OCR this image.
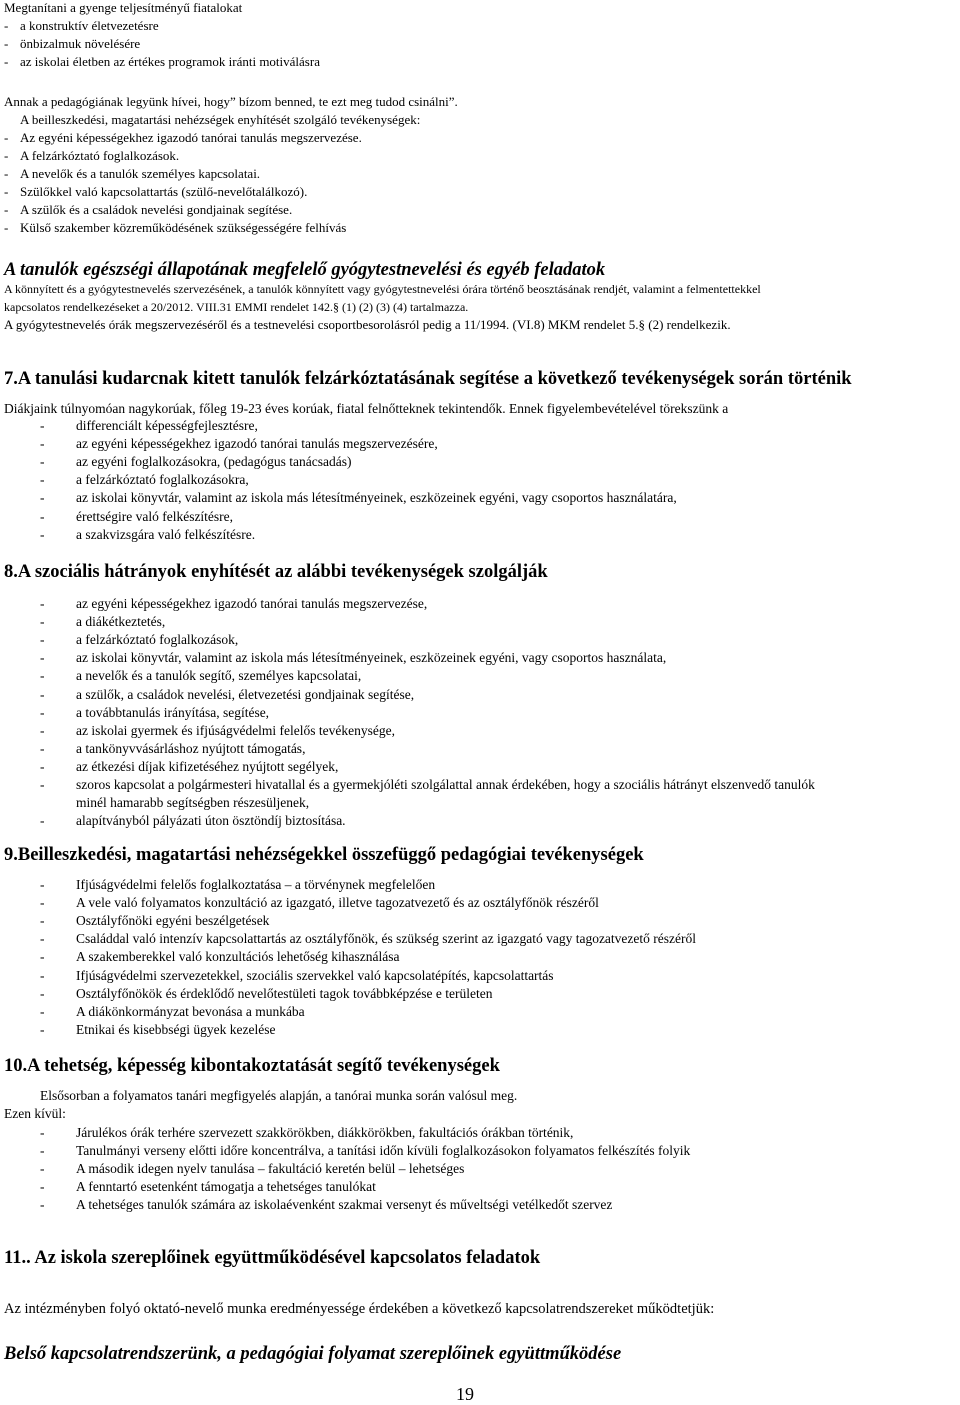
Megtanítani a gyenge teljesítményű fiatalokat
- a konstruktív életvezetésre
- önbizalmuk növelésére
- az iskolai életben az értékes programok iránti motiválásra
Annak a pedagógiának legyünk hívei, hogy” bízom benned, te ezt meg tudod csinálni”.
A beilleszkedési, magatartási nehézségek enyhítését szolgáló tevékenységek:
- Az egyéni képességekhez igazodó tanórai tanulás megszervezése.
- A felzárkóztató foglalkozások.
- A nevelők és a tanulók személyes kapcsolatai.
- Szülőkkel való kapcsolattartás (szülő-nevelőtalálkozó).
- A szülők és a családok nevelési gondjainak segítése.
- Külső szakember közreműködésének szükségességére felhívás
A tanulók egészségi állapotának megfelelő gyógytestnevelési és egyéb feladatok
A könnyített és a gyógytestnevelés szervezésének, a tanulók könnyített vagy gyógytestnevelési órára történő beosztásának rendjét, valamint a felmentettekkel
kapcsolatos rendelkezéseket a 20/2012. VIII.31 EMMI rendelet 142.§ (1) (2) (3) (4) tartalmazza.
A gyógytestnevelés órák megszervezéséről és a testnevelési csoportbesorolásról pedig a 11/1994. (VI.8) MKM rendelet 5.§ (2) rendelkezik.
7.A tanulási kudarcnak kitett tanulók felzárkóztatásának segítése a következő tevékenységek során történik
Diákjaink túlnyomóan nagykorúak, főleg 19-23 éves korúak, fiatal felnőtteknek tekintendők. Ennek figyelembevételével törekszünk a
- differenciált képességfejlesztésre,
- az egyéni képességekhez igazodó tanórai tanulás megszervezésére,
- az egyéni foglalkozásokra, (pedagógus tanácsadás)
- a felzárkóztató foglalkozásokra,
- az iskolai könyvtár, valamint az iskola más létesítményeinek, eszközeinek egyéni, vagy csoportos használatára,
- érettségire való felkészítésre,
- a szakvizsgára való felkészítésre.
8.A szociális hátrányok enyhítését az alábbi tevékenységek szolgálják
- az egyéni képességekhez igazodó tanórai tanulás megszervezése,
- a diákétkeztetés,
- a felzárkóztató foglalkozások,
- az iskolai könyvtár, valamint az iskola más létesítményeinek, eszközeinek egyéni, vagy csoportos használata,
- a nevelők és a tanulók segítő, személyes kapcsolatai,
- a szülők, a családok nevelési, életvezetési gondjainak segítése,
- a továbbtanulás irányítása, segítése,
- az iskolai gyermek és ifjúságvédelmi felelős tevékenysége,
- a tankönyvvásárláshoz nyújtott támogatás,
- az étkezési díjak kifizetéséhez nyújtott segélyek,
- szoros kapcsolat a polgármesteri hivatallal és a gyermekjóléti szolgálattal annak érdekében, hogy a szociális hátrányt elszenvedő tanulók
minél hamarabb segítségben részesüljenek,
- alapítványból pályázati úton ösztöndíj biztosítása.
9.Beilleszkedési, magatartási nehézségekkel összefüggő pedagógiai tevékenységek
- Ifjúságvédelmi felelős foglalkoztatása – a törvénynek megfelelően
- A vele való folyamatos konzultáció az igazgató, illetve tagozatvezető és az osztályfőnök részéről
- Osztályfőnöki egyéni beszélgetések
- Családdal való intenzív kapcsolattartás az osztályfőnök, és szükség szerint az igazgató vagy tagozatvezető részéről
- A szakemberekkel való konzultációs lehetőség kihasználása
- Ifjúságvédelmi szervezetekkel, szociális szervekkel való kapcsolatépítés, kapcsolattartás
- Osztályfőnökök és érdeklődő nevelőtestületi tagok továbbképzése e területen
- A diákönkormányzat bevonása a munkába
- Etnikai és kisebbségi ügyek kezelése
10.A tehetség, képesség kibontakoztatását segítő tevékenységek
Elsősorban a folyamatos tanári megfigyelés alapján, a tanórai munka során valósul meg.
Ezen kívül:
- Járulékos órák terhére szervezett szakkörökben, diákkörökben, fakultációs órákban történik,
- Tanulmányi verseny előtti időre koncentrálva, a tanítási időn kívüli foglalkozásokon folyamatos felkészítés folyik
- A második idegen nyelv tanulása – fakultáció keretén belül – lehetséges
- A fenntartó esetenként támogatja a tehetséges tanulókat
- A tehetséges tanulók számára az iskolaévenként szakmai versenyt és műveltségi vetélkedőt szervez
11.. Az iskola szereplőinek együttműködésével kapcsolatos feladatok
Az intézményben folyó oktató-nevelő munka eredményessége érdekében a következő kapcsolatrendszereket működtetjük:
Belső kapcsolatrendszerünk, a pedagógiai folyamat szereplőinek együttműködése
19
